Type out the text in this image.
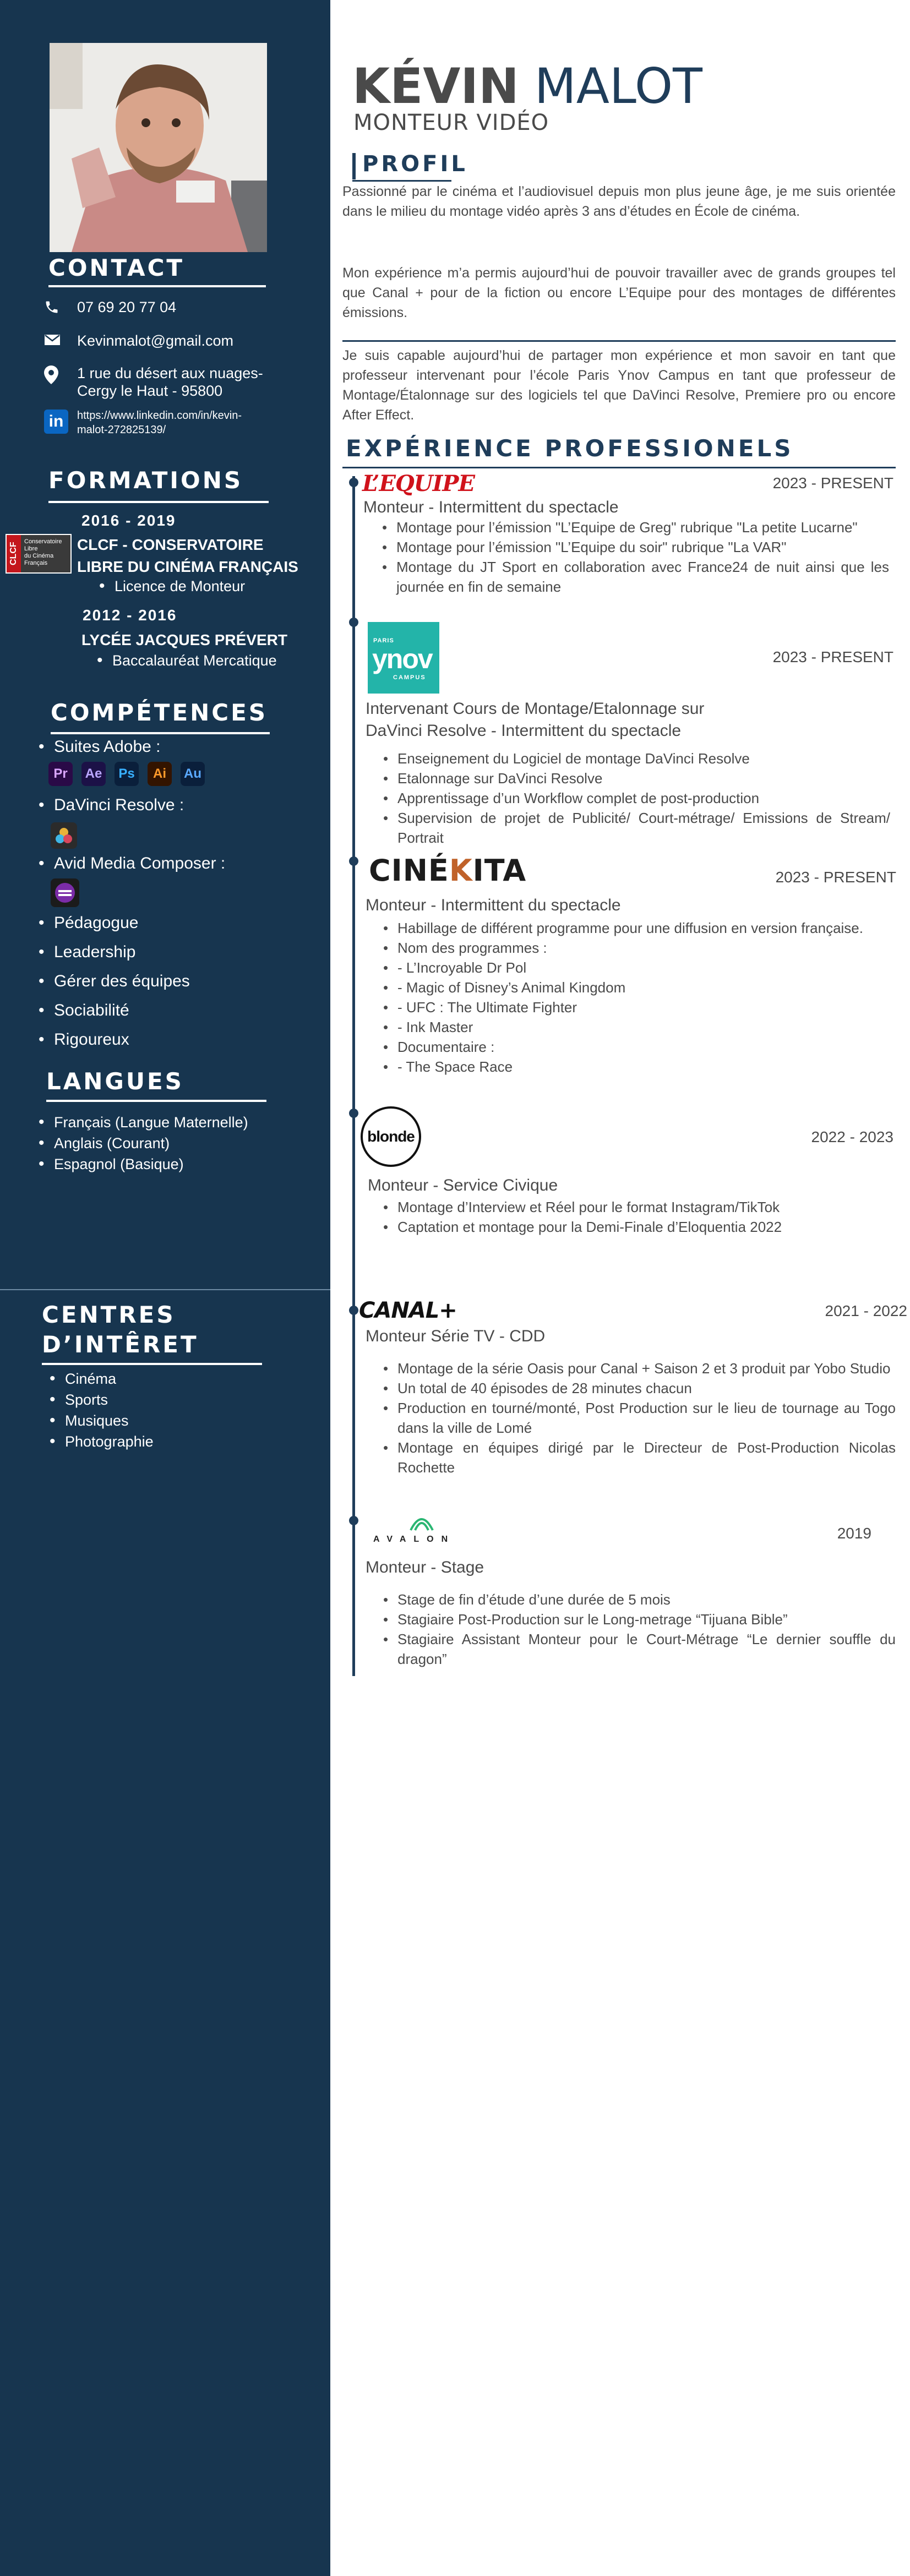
CONTACT
07 69 20 77 04
Kevinmalot@gmail.com
1 rue du désert aux nuages-
Cergy le Haut - 95800
in	https://www.linkedin.com/in/kevin-
malot-272825139/
FORMATIONS
2016 - 2019
CLCF
Conservatoire
Libre
du Cinéma
Français
CLCF - CONSERVATOIRE
LIBRE DU CINÉMA FRANÇAIS
• Licence de Monteur
2012 - 2016
LYCÉE JACQUES PRÉVERT
• Baccalauréat Mercatique
COMPÉTENCES
• Suites Adobe :
Pr	Ae	Ps	Ai	Au
• DaVinci Resolve :
• Avid Media Composer :
• Pédagogue
• Leadership
• Gérer des équipes
• Sociabilité
• Rigoureux
LANGUES
• Français (Langue Maternelle)
• Anglais (Courant)
• Espagnol (Basique)
CENTRES
D’INTÊRET
• Cinéma
• Sports
• Musiques
• Photographie
KÉVIN MALOT
MONTEUR VIDÉO
PROFIL

Passionné par le cinéma et l’audiovisuel depuis mon plus jeune âge, je me suis orientée dans le milieu du montage vidéo après 3 ans d’études en École de cinéma.

Mon expérience m’a permis aujourd’hui de pouvoir travailler avec de grands groupes tel que Canal + pour de la fiction ou encore L’Equipe pour des montages de différentes émissions.

Je suis capable aujourd’hui de partager mon expérience et mon savoir en tant que professeur intervenant pour l’école Paris Ynov Campus en tant que professeur de Montage/Étalonnage sur des logiciels tel que DaVinci Resolve, Premiere pro ou encore After Effect.

EXPÉRIENCE PROFESSIONELS
L’EQUIPE	2023 - PRESENT
Monteur - Intermittent du spectacle
• Montage pour l’émission "L’Equipe de Greg" rubrique "La petite Lucarne"
• Montage pour l’émission "L’Equipe du soir" rubrique "La VAR"
• Montage du JT Sport en collaboration avec France24 de nuit ainsi que les journée en fin de semaine
PARIS
ynov
CAMPUS
2023 - PRESENT
Intervenant Cours de Montage/Etalonnage sur
DaVinci Resolve - Intermittent du spectacle
• Enseignement du Logiciel de montage DaVinci Resolve
• Etalonnage sur DaVinci Resolve
• Apprentissage d’un Workflow complet de post-production
• Supervision de projet de Publicité/ Court-métrage/ Emissions de Stream/ Portrait
CINÉKITA	2023 - PRESENT
Monteur - Intermittent du spectacle
• Habillage de différent programme pour une diffusion en version française.
• Nom des programmes :
• - L’Incroyable Dr Pol
• - Magic of Disney’s Animal Kingdom
• - UFC : The Ultimate Fighter
• - Ink Master
• Documentaire :
• - The Space Race
blonde	2022 - 2023
Monteur - Service Civique
• Montage d’Interview et Réel pour le format Instagram/TikTok
• Captation et montage pour la Demi-Finale d’Eloquentia 2022
CANAL+	2021 - 2022
Monteur Série TV - CDD
• Montage de la série Oasis pour Canal + Saison 2 et 3 produit par Yobo Studio
• Un total de 40 épisodes de 28 minutes chacun
• Production en tourné/monté, Post Production sur le lieu de tournage au Togo dans la ville de Lomé
• Montage en équipes dirigé par le Directeur de Post-Production Nicolas Rochette
AVALON	2019
Monteur - Stage
• Stage de fin d’étude d’une durée de 5 mois
• Stagiaire Post-Production sur le Long-metrage “Tijuana Bible”
• Stagiaire Assistant Monteur pour le Court-Métrage “Le dernier souffle du dragon”
